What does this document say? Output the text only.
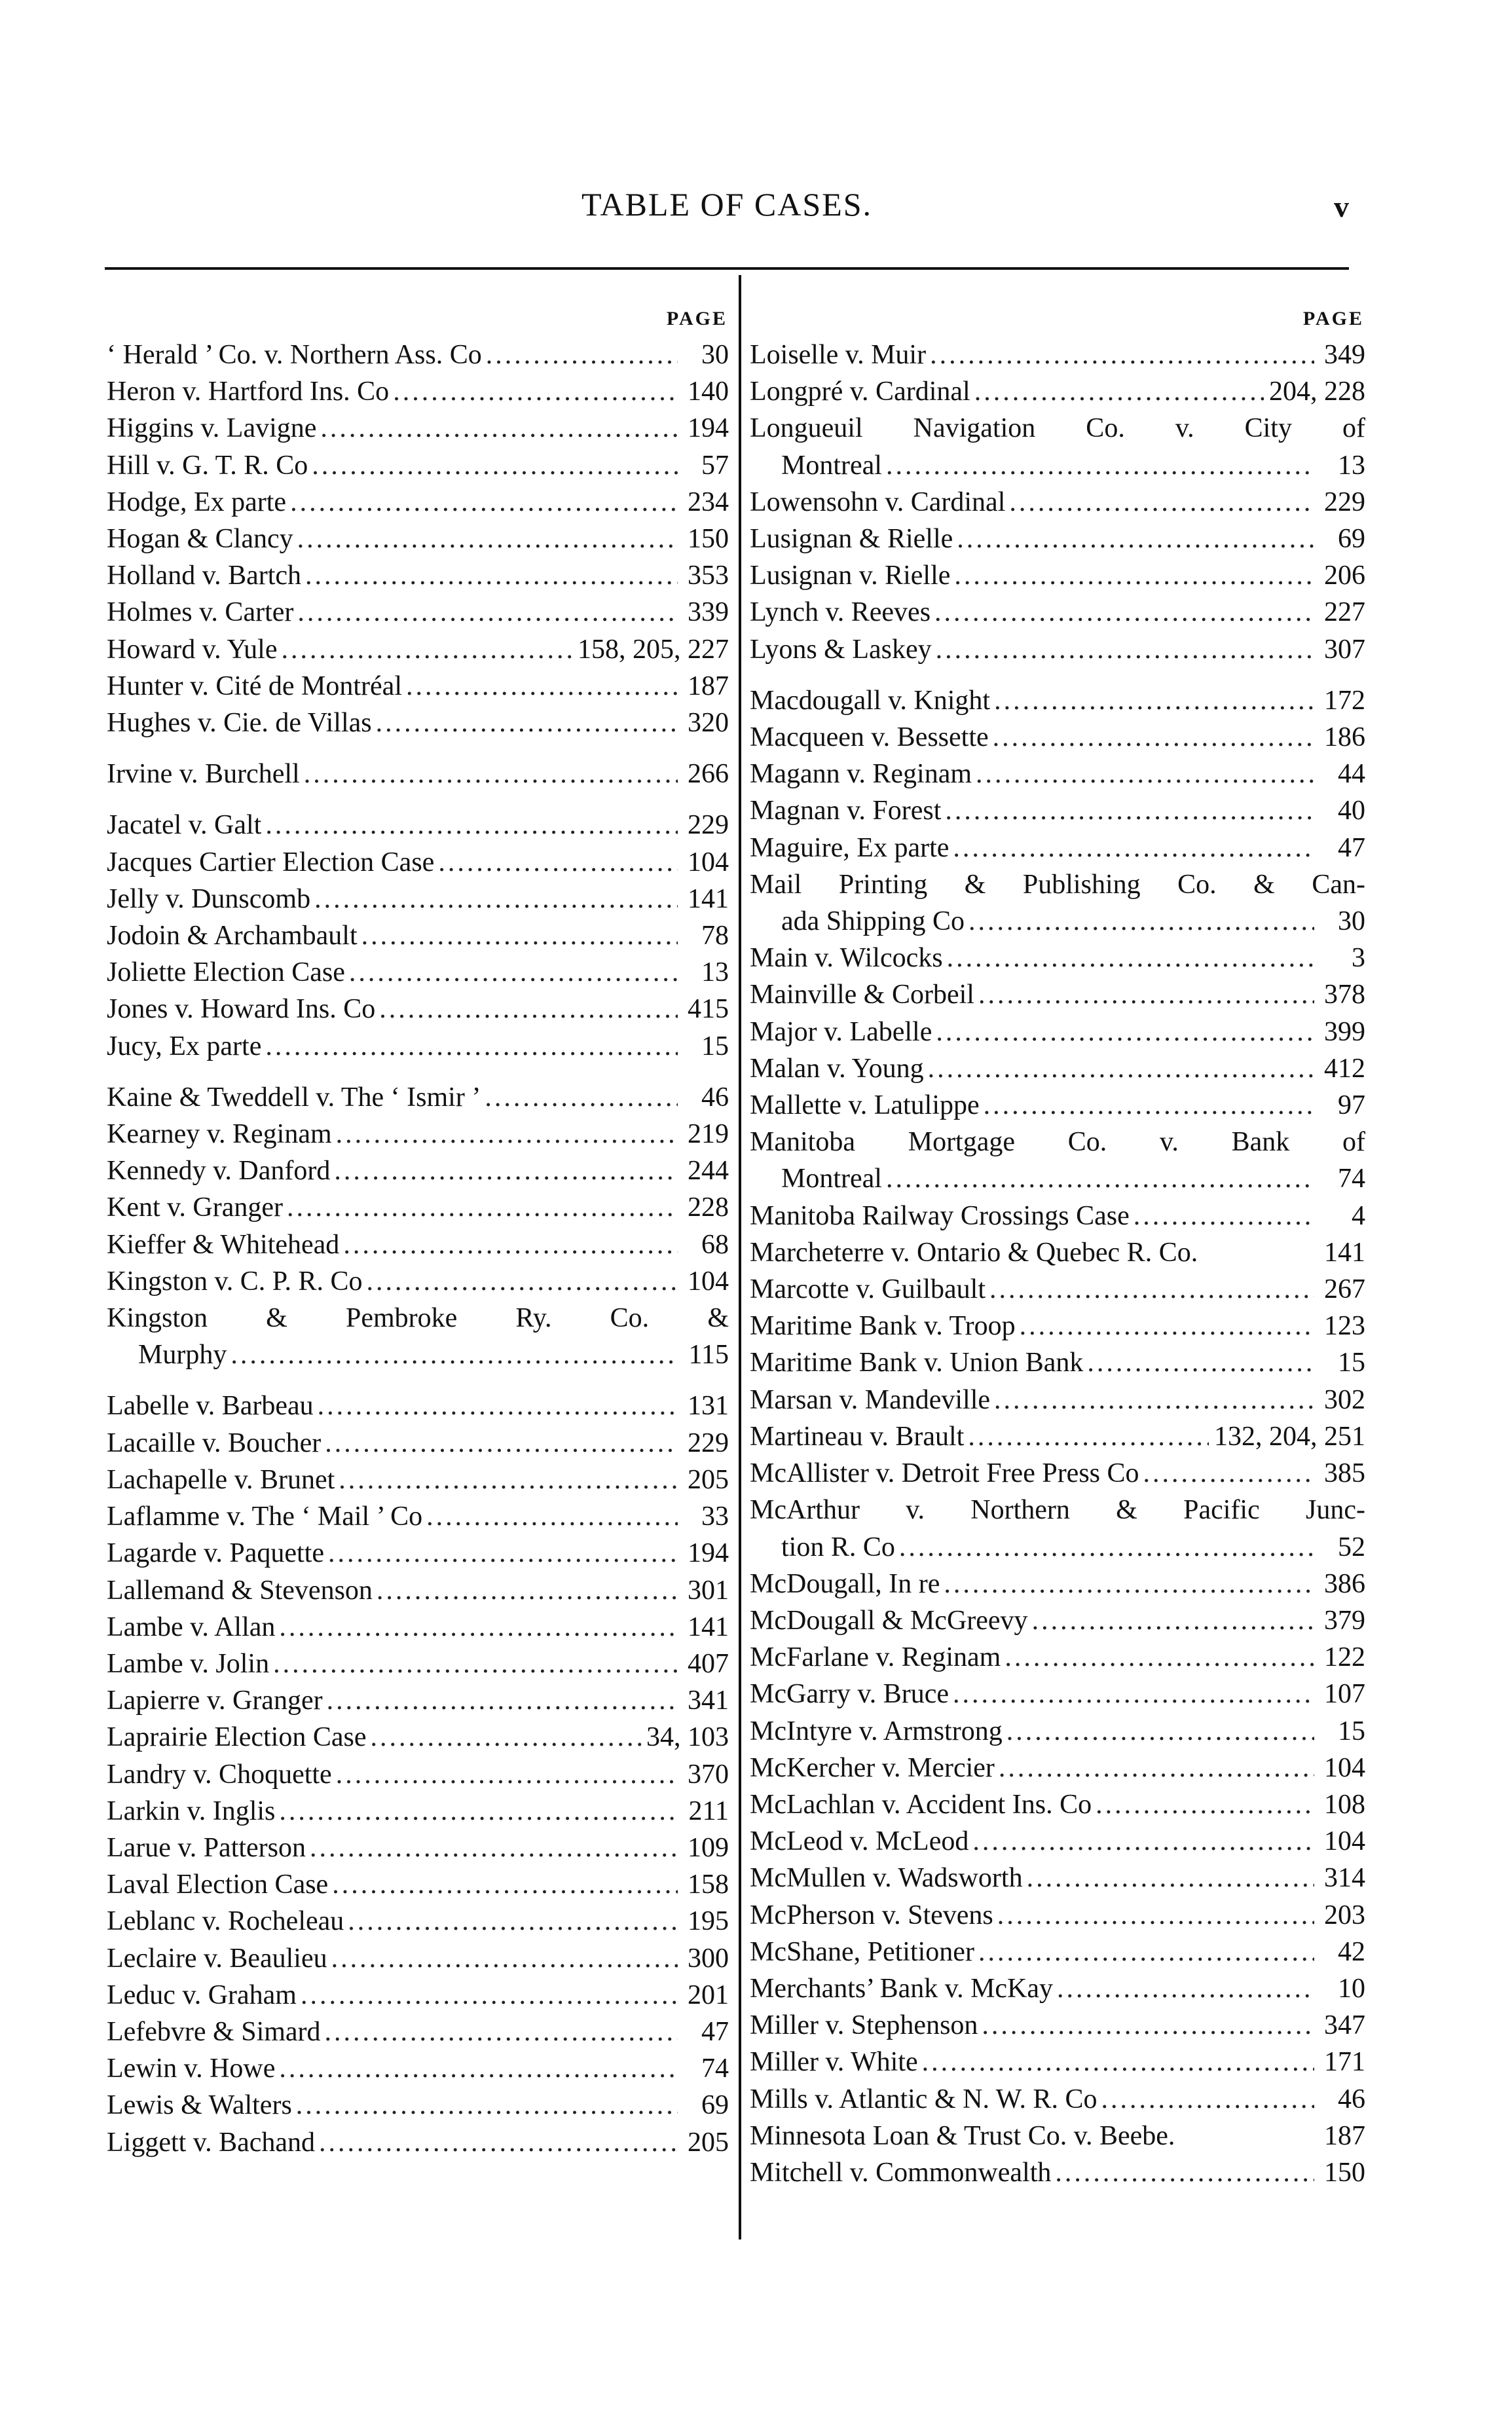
TABLE OF CASES.	v
PAGE
‘ Herald ’ Co. v. Northern Ass. Co .....	30
Heron v. Hartford Ins. Co .....	140
Higgins v. Lavigne .....	194
Hill v. G. T. R. Co .....	57
Hodge, Ex parte .....	234
Hogan & Clancy .....	150
Holland v. Bartch .....	353
Holmes v. Carter .....	339
Howard v. Yule .....	158, 205, 227
Hunter v. Cité de Montréal .....	187
Hughes v. Cie. de Villas .....	320
Irvine v. Burchell .....	266
Jacatel v. Galt .....	229
Jacques Cartier Election Case .....	104
Jelly v. Dunscomb .....	141
Jodoin & Archambault .....	78
Joliette Election Case .....	13
Jones v. Howard Ins. Co .....	415
Jucy, Ex parte .....	15
Kaine & Tweddell v. The ‘ Ismir ’ .....	46
Kearney v. Reginam .....	219
Kennedy v. Danford .....	244
Kent v. Granger .....	228
Kieffer & Whitehead .....	68
Kingston v. C. P. R. Co .....	104
Kingston & Pembroke Ry. Co. &
Murphy .....	115
Labelle v. Barbeau .....	131
Lacaille v. Boucher .....	229
Lachapelle v. Brunet .....	205
Laflamme v. The ‘ Mail ’ Co .....	33
Lagarde v. Paquette .....	194
Lallemand & Stevenson .....	301
Lambe v. Allan .....	141
Lambe v. Jolin .....	407
Lapierre v. Granger .....	341
Laprairie Election Case .....	34, 103
Landry v. Choquette .....	370
Larkin v. Inglis .....	211
Larue v. Patterson .....	109
Laval Election Case .....	158
Leblanc v. Rocheleau .....	195
Leclaire v. Beaulieu .....	300
Leduc v. Graham .....	201
Lefebvre & Simard .....	47
Lewin v. Howe .....	74
Lewis & Walters .....	69
Liggett v. Bachand .....	205
PAGE
Loiselle v. Muir .....	349
Longpré v. Cardinal .....	204, 228
Longueuil Navigation Co. v. City of
Montreal .....	13
Lowensohn v. Cardinal .....	229
Lusignan & Rielle .....	69
Lusignan v. Rielle .....	206
Lynch v. Reeves .....	227
Lyons & Laskey .....	307
Macdougall v. Knight .....	172
Macqueen v. Bessette .....	186
Magann v. Reginam .....	44
Magnan v. Forest .....	40
Maguire, Ex parte .....	47
Mail Printing & Publishing Co. & Can-
ada Shipping Co .....	30
Main v. Wilcocks .....	3
Mainville & Corbeil .....	378
Major v. Labelle .....	399
Malan v. Young .....	412
Mallette v. Latulippe .....	97
Manitoba Mortgage Co. v. Bank of
Montreal .....	74
Manitoba Railway Crossings Case .....	4
Marcheterre v. Ontario & Quebec R. Co.	141
Marcotte v. Guilbault .....	267
Maritime Bank v. Troop .....	123
Maritime Bank v. Union Bank .....	15
Marsan v. Mandeville .....	302
Martineau v. Brault .....	132, 204, 251
McAllister v. Detroit Free Press Co .....	385
McArthur v. Northern & Pacific Junc-
tion R. Co .....	52
McDougall, In re .....	386
McDougall & McGreevy .....	379
McFarlane v. Reginam .....	122
McGarry v. Bruce .....	107
McIntyre v. Armstrong .....	15
McKercher v. Mercier .....	104
McLachlan v. Accident Ins. Co .....	108
McLeod v. McLeod .....	104
McMullen v. Wadsworth .....	314
McPherson v. Stevens .....	203
McShane, Petitioner .....	42
Merchants’ Bank v. McKay .....	10
Miller v. Stephenson .....	347
Miller v. White .....	171
Mills v. Atlantic & N. W. R. Co .....	46
Minnesota Loan & Trust Co. v. Beebe.	187
Mitchell v. Commonwealth .....	150
